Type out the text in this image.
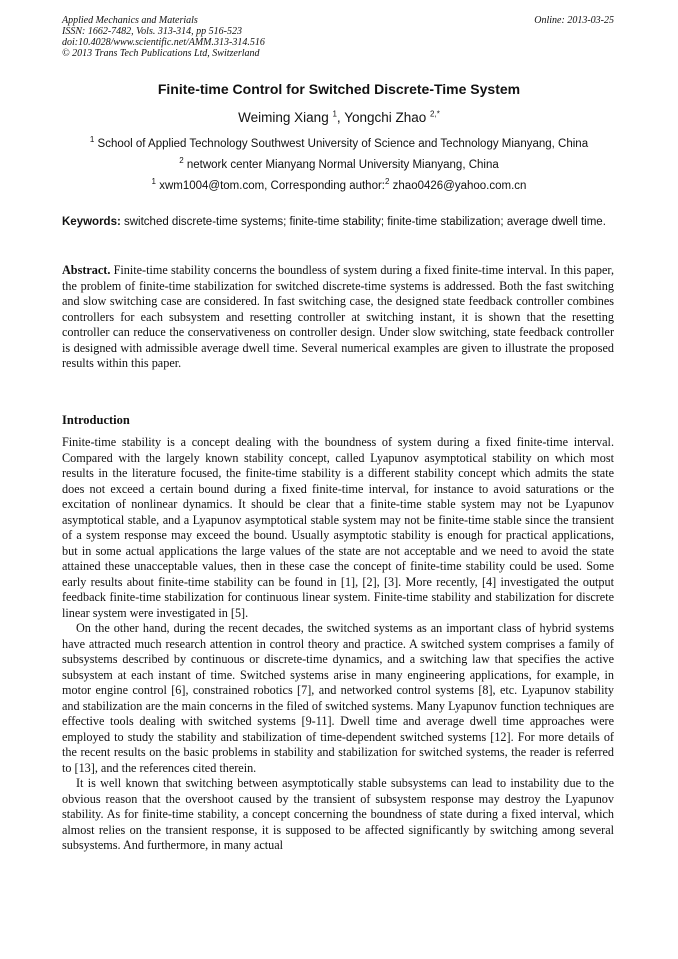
Applied Mechanics and Materials
ISSN: 1662-7482, Vols. 313-314, pp 516-523
doi:10.4028/www.scientific.net/AMM.313-314.516
© 2013 Trans Tech Publications Ltd, Switzerland
Online: 2013-03-25
Finite-time Control for Switched Discrete-Time System
Weiming Xiang $^1$, Yongchi Zhao $^{2,*}$
$^1$ School of Applied Technology Southwest University of Science and Technology Mianyang, China
$^2$ network center Mianyang Normal University Mianyang, China
$^1$ xwm1004@tom.com, Corresponding author:$^2$ zhao0426@yahoo.com.cn
Keywords: switched discrete-time systems; finite-time stability; finite-time stabilization; average dwell time.
Abstract. Finite-time stability concerns the boundless of system during a fixed finite-time interval. In this paper, the problem of finite-time stabilization for switched discrete-time systems is addressed. Both the fast switching and slow switching case are considered. In fast switching case, the designed state feedback controller combines controllers for each subsystem and resetting controller at switching instant, it is shown that the resetting controller can reduce the conservativeness on controller design. Under slow switching, state feedback controller is designed with admissible average dwell time. Several numerical examples are given to illustrate the proposed results within this paper.
Introduction

Finite-time stability is a concept dealing with the boundness of system during a fixed finite-time interval. Compared with the largely known stability concept, called Lyapunov asymptotical stability on which most results in the literature focused, the finite-time stability is a different stability concept which admits the state does not exceed a certain bound during a fixed finite-time interval, for instance to avoid saturations or the excitation of nonlinear dynamics. It should be clear that a finite-time stable system may not be Lyapunov asymptotical stable, and a Lyapunov asymptotical stable system may not be finite-time stable since the transient of a system response may exceed the bound. Usually asymptotic stability is enough for practical applications, but in some actual applications the large values of the state are not acceptable and we need to avoid the state attained these unacceptable values, then in these case the concept of finite-time stability could be used. Some early results about finite-time stability can be found in [1], [2], [3]. More recently, [4] investigated the output feedback finite-time stabilization for continuous linear system. Finite-time stability and stabilization for discrete linear system were investigated in [5].

On the other hand, during the recent decades, the switched systems as an important class of hybrid systems have attracted much research attention in control theory and practice. A switched system comprises a family of subsystems described by continuous or discrete-time dynamics, and a switching law that specifies the active subsystem at each instant of time. Switched systems arise in many engineering applications, for example, in motor engine control [6], constrained robotics [7], and networked control systems [8], etc. Lyapunov stability and stabilization are the main concerns in the filed of switched systems. Many Lyapunov function techniques are effective tools dealing with switched systems [9-11]. Dwell time and average dwell time approaches were employed to study the stability and stabilization of time-dependent switched systems [12]. For more details of the recent results on the basic problems in stability and stabilization for switched systems, the reader is referred to [13], and the references cited therein.

It is well known that switching between asymptotically stable subsystems can lead to instability due to the obvious reason that the overshoot caused by the transient of subsystem response may destroy the Lyapunov stability. As for finite-time stability, a concept concerning the boundness of state during a fixed interval, which almost relies on the transient response, it is supposed to be affected significantly by switching among several subsystems. And furthermore, in many actual
